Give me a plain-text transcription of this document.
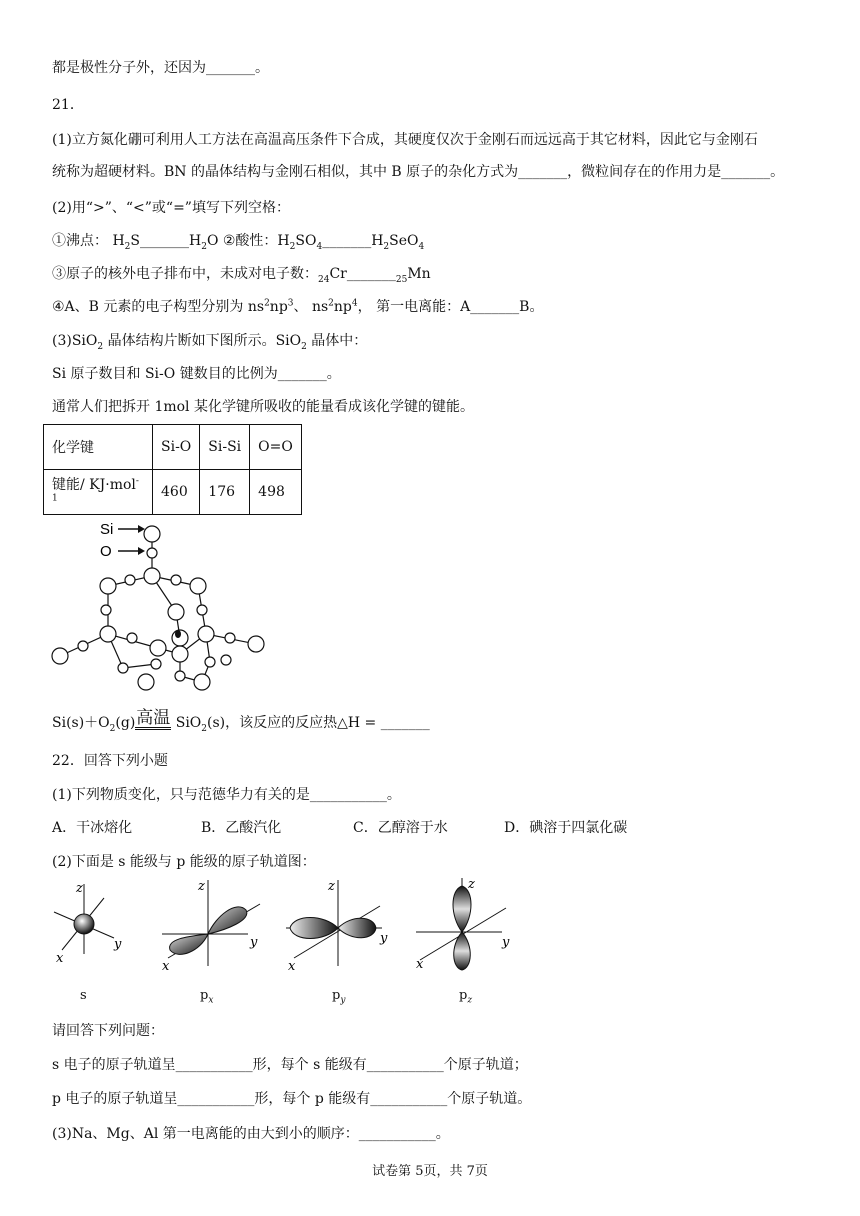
都是极性分子外，还因为_______。
21．
(1)立方氮化硼可利用人工方法在高温高压条件下合成，其硬度仅次于金刚石而远远高于其它材料，因此它与金刚石
统称为超硬材料。BN 的晶体结构与金刚石相似，其中 B 原子的杂化方式为_______，微粒间存在的作用力是_______。
(2)用“>”、“<”或“=”填写下列空格：
①沸点： $H_2S\_\_\_\_\_\_\_H_2O$ ②酸性：$H_2SO_4\_\_\_\_\_\_\_H_2SeO_4$
③原子的核外电子排布中，未成对电子数：$_{24}Cr\_\_\_\_\_\_\__{25}Mn$
④A、B 元素的电子构型分别为 $ns^2np^3$、 $ns^2np^4$， 第一电离能：A_______B。
(3)SiO$_2$ 晶体结构片断如下图所示。SiO$_2$ 晶体中：
Si 原子数目和 Si-O 键数目的比例为_______。
通常人们把拆开 1mol 某化学键所吸收的能量看成该化学键的键能。
化学键	Si-O	Si-Si	O=O
键能/ KJ·mol$^{-1}$	460	176	498
Si
O
$Si(s)+O_2(g)$高温 SiO$_2$(s)，该反应的反应热△H = _______
22．回答下列小题
(1)下列物质变化，只与范德华力有关的是___________。
A．干冰熔化	B．乙酸汽化	C．乙醇溶于水	D．碘溶于四氯化碳
(2)下面是 s 能级与 p 能级的原子轨道图：
z
y
x
z
y
x
z
y
x
z
y
x
s	$p_x$	$p_y$	$p_z$
请回答下列问题：
s 电子的原子轨道呈___________形，每个 s 能级有___________个原子轨道；
p 电子的原子轨道呈___________形，每个 p 能级有___________个原子轨道。
(3)Na、Mg、Al 第一电离能的由大到小的顺序：___________。
试卷第 5页，共 7页
